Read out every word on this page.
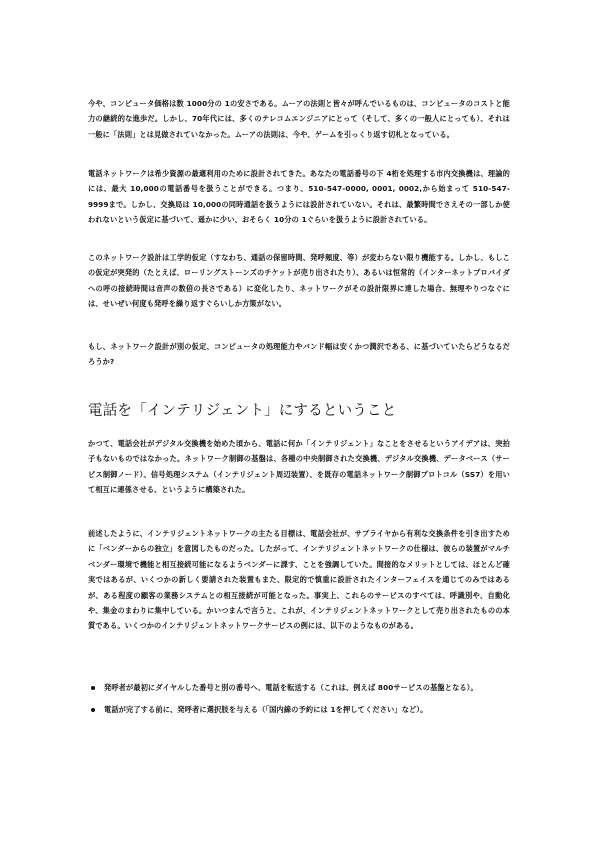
今や、コンピュータ価格は数 1000分の 1の安さである。ムーアの法則と皆々が呼んでいるものは、コンピュータのコストと能力の継続的な進歩だ。しかし、70年代には、多くのテレコムエンジニアにとって（そして、多くの一般人にとっても）、それは一般に「法則」とは見做されていなかった。ムーアの法則は、今や、ゲームを引っくり返す切札となっている。

電話ネットワークは希少資源の最適利用のために設計されてきた。あなたの電話番号の下 4桁を処理する市内交換機は、理論的には、最大 10,000の電話番号を扱うことができる。つまり、510-547-0000, 0001, 0002,から始まって 510-547-9999まで。しかし、交換局は 10,000の同時通話を扱うようには設計されていない。それは、最繁時間でさえその一部しか使われないという仮定に基づいて、遥かに少い、おそらく 10分の 1ぐらいを扱うように設計されている。

このネットワーク設計は工学的仮定（すなわち、通話の保留時間、発呼頻度、等）が変わらない限り機能する。しかし、もしこの仮定が突発的（たとえば、ローリングストーンズのチケットが売り出されたり）、あるいは恒常的（インターネットプロバイダへの呼の接続時間は音声の数倍の長さである）に変化したり、ネットワークがその設計限界に達した場合、無理やりつなぐには、せいぜい何度も発呼を繰り返すぐらいしか方策がない。

もし、ネットワーク設計が別の仮定、コンピュータの処理能力やバンド幅は安くかつ潤沢である、に基づいていたらどうなるだろうか?

電話を「インテリジェント」にするということ

かつて、電話会社がデジタル交換機を始めた頃から、電話に何か「インテリジェント」なことをさせるというアイデアは、突拍子もないものではなかった。ネットワーク制御の基盤は、各種の中央制御された交換機、デジタル交換機、データベース（サービス制御ノード）、信号処理システム（インテリジェント周辺装置）、を既存の電話ネットワーク制御プロトコル（SS7）を用いて相互に連係させる、というように構築された。

前述したように、インテリジェントネットワークの主たる目標は、電話会社が、サプライヤから有利な交換条件を引き出すために「ベンダーからの独立」を意図したものだった。したがって、インテリジェントネットワークの仕様は、彼らの装置がマルチベンダー環境で機能と相互接続可能になるようベンダーに課す、ことを強調していた。間接的なメリットとしては、ほとんど確実ではあるが、いくつかの新しく要請された装置もまた、限定的で慎重に設計されたインターフェイスを通じてのみではあるが、ある程度の顧客の業務システムとの相互接続が可能となった。事実上、これらのサービスのすべては、呼識別や、自動化や、集金のまわりに集中している。かいつまんで言うと、これが、インテリジェントネットワークとして売り出されたものの本質である。いくつかのインテリジェントネットワークサービスの例には、以下のようなものがある。

発呼者が最初にダイヤルした番号と別の番号へ、電話を転送する（これは、例えば 800サービスの基盤となる）。
電話が完了する前に、発呼者に選択肢を与える（「国内線の予約には 1を押してください」など）。
